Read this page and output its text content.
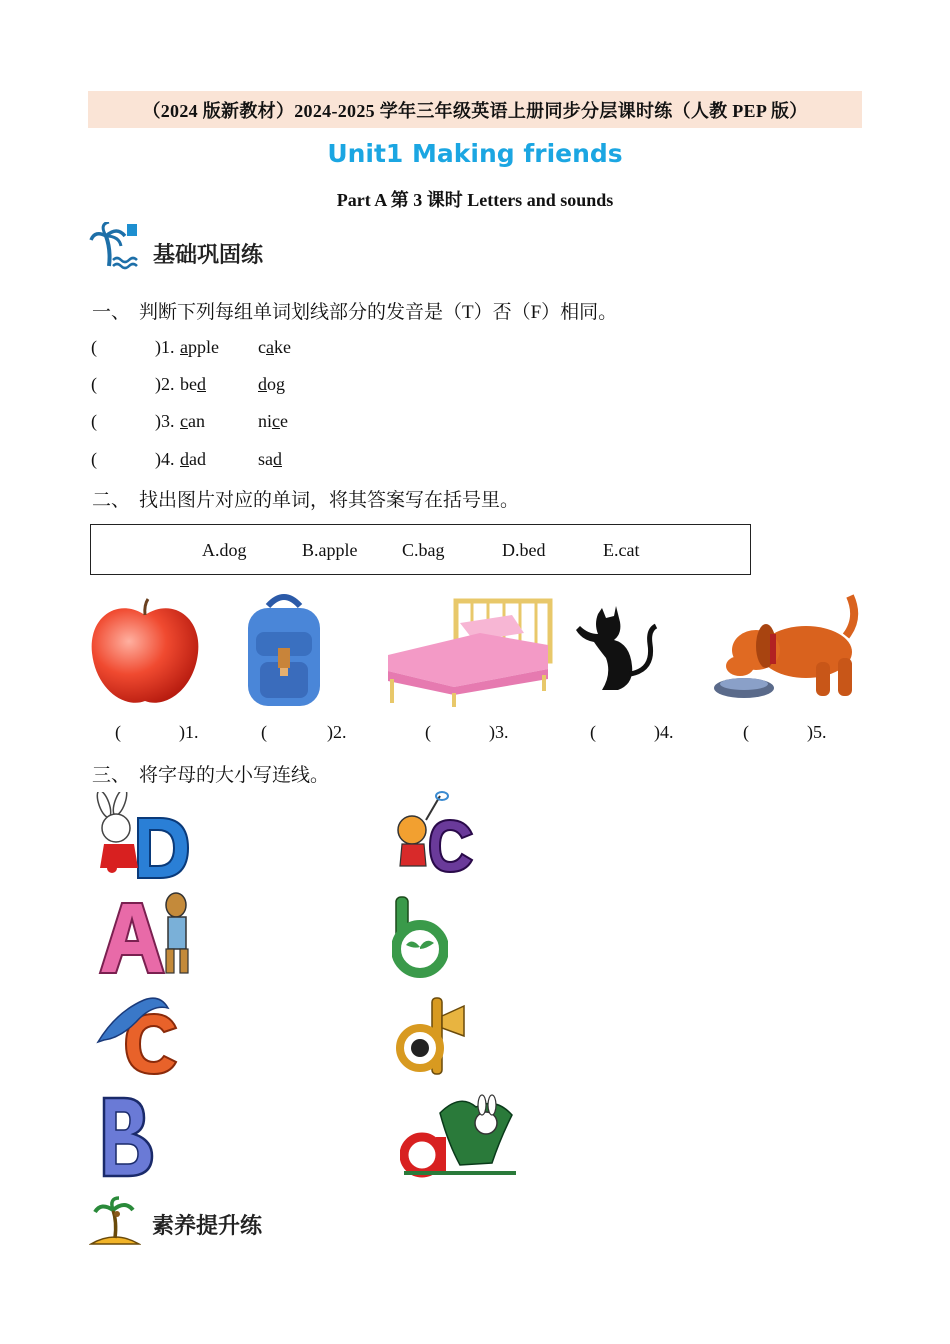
（2024 版新教材）2024-2025 学年三年级英语上册同步分层课时练（人教 PEP 版）
Unit1 Making friends
Part A 第 3 课时 Letters and sounds
基础巩固练
一、 判断下列每组单词划线部分的发音是（T）否（F）相同。
(	)1. apple cake
(	)2. bed	dog
(	)3. can	nice
(	)4. dad	sad
二、 找出图片对应的单词，将其答案写在括号里。
A.dog	B.apple C.bag	D.bed	E.cat
(	)1.	(	)2.	(	)3.	(	)4.	(	)5.
三、 将字母的大小写连线。
素养提升练
